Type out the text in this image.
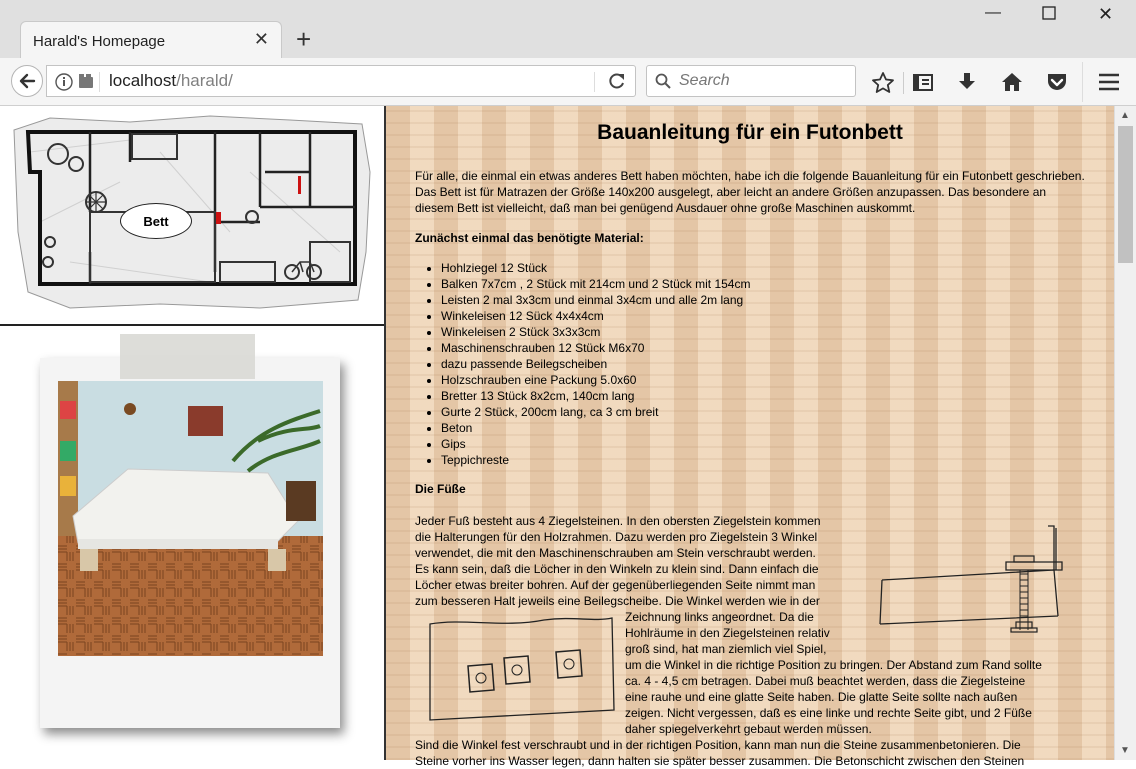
Harald's Homepage	✕ +
—	✕
localhost/harald/	Search
Bett
Bauanleitung für ein Futonbett
Für alle, die einmal ein etwas anderes Bett haben möchten, habe ich die folgende Bauanleitung für ein Futonbett geschrieben. Das Bett ist für Matrazen der Größe 140x200 ausgelegt, aber leicht an andere Größen anzupassen. Das besondere an diesem Bett ist vielleicht, daß man bei genügend Ausdauer ohne große Maschinen auskommt.
Zunächst einmal das benötigte Material:
• Hohlziegel 12 Stück
• Balken 7x7cm , 2 Stück mit 214cm und 2 Stück mit 154cm
• Leisten 2 mal 3x3cm und einmal 3x4cm und alle 2m lang
• Winkeleisen 12 Sück 4x4x4cm
• Winkeleisen 2 Stück 3x3x3cm
• Maschinenschrauben 12 Stück M6x70
• dazu passende Beilegscheiben
• Holzschrauben eine Packung 5.0x60
• Bretter 13 Stück 8x2cm, 140cm lang
• Gurte 2 Stück, 200cm lang, ca 3 cm breit
• Beton
• Gips
• Teppichreste
Die Füße
Jeder Fuß besteht aus 4 Ziegelsteinen. In den obersten Ziegelstein kommen
die Halterungen für den Holzrahmen. Dazu werden pro Ziegelstein 3 Winkel
verwendet, die mit den Maschinenschrauben am Stein verschraubt werden.
Es kann sein, daß die Löcher in den Winkeln zu klein sind. Dann einfach die
Löcher etwas breiter bohren. Auf der gegenüberliegenden Seite nimmt man
zum besseren Halt jeweils eine Beilegscheibe. Die Winkel werden wie in der
Zeichnung links angeordnet. Da die
Hohlräume in den Ziegelsteinen relativ
groß sind, hat man ziemlich viel Spiel,
um die Winkel in die richtige Position zu bringen. Der Abstand zum Rand sollte
ca. 4 - 4,5 cm betragen. Dabei muß beachtet werden, dass die Ziegelsteine
eine rauhe und eine glatte Seite haben. Die glatte Seite sollte nach außen
zeigen. Nicht vergessen, daß es eine linke und rechte Seite gibt, und 2 Füße
daher spiegelverkehrt gebaut werden müssen.
Sind die Winkel fest verschraubt und in der richtigen Position, kann man nun die Steine zusammenbetonieren. Die
Steine vorher ins Wasser legen, dann halten sie später besser zusammen. Die Betonschicht zwischen den Steinen
▲
▼
